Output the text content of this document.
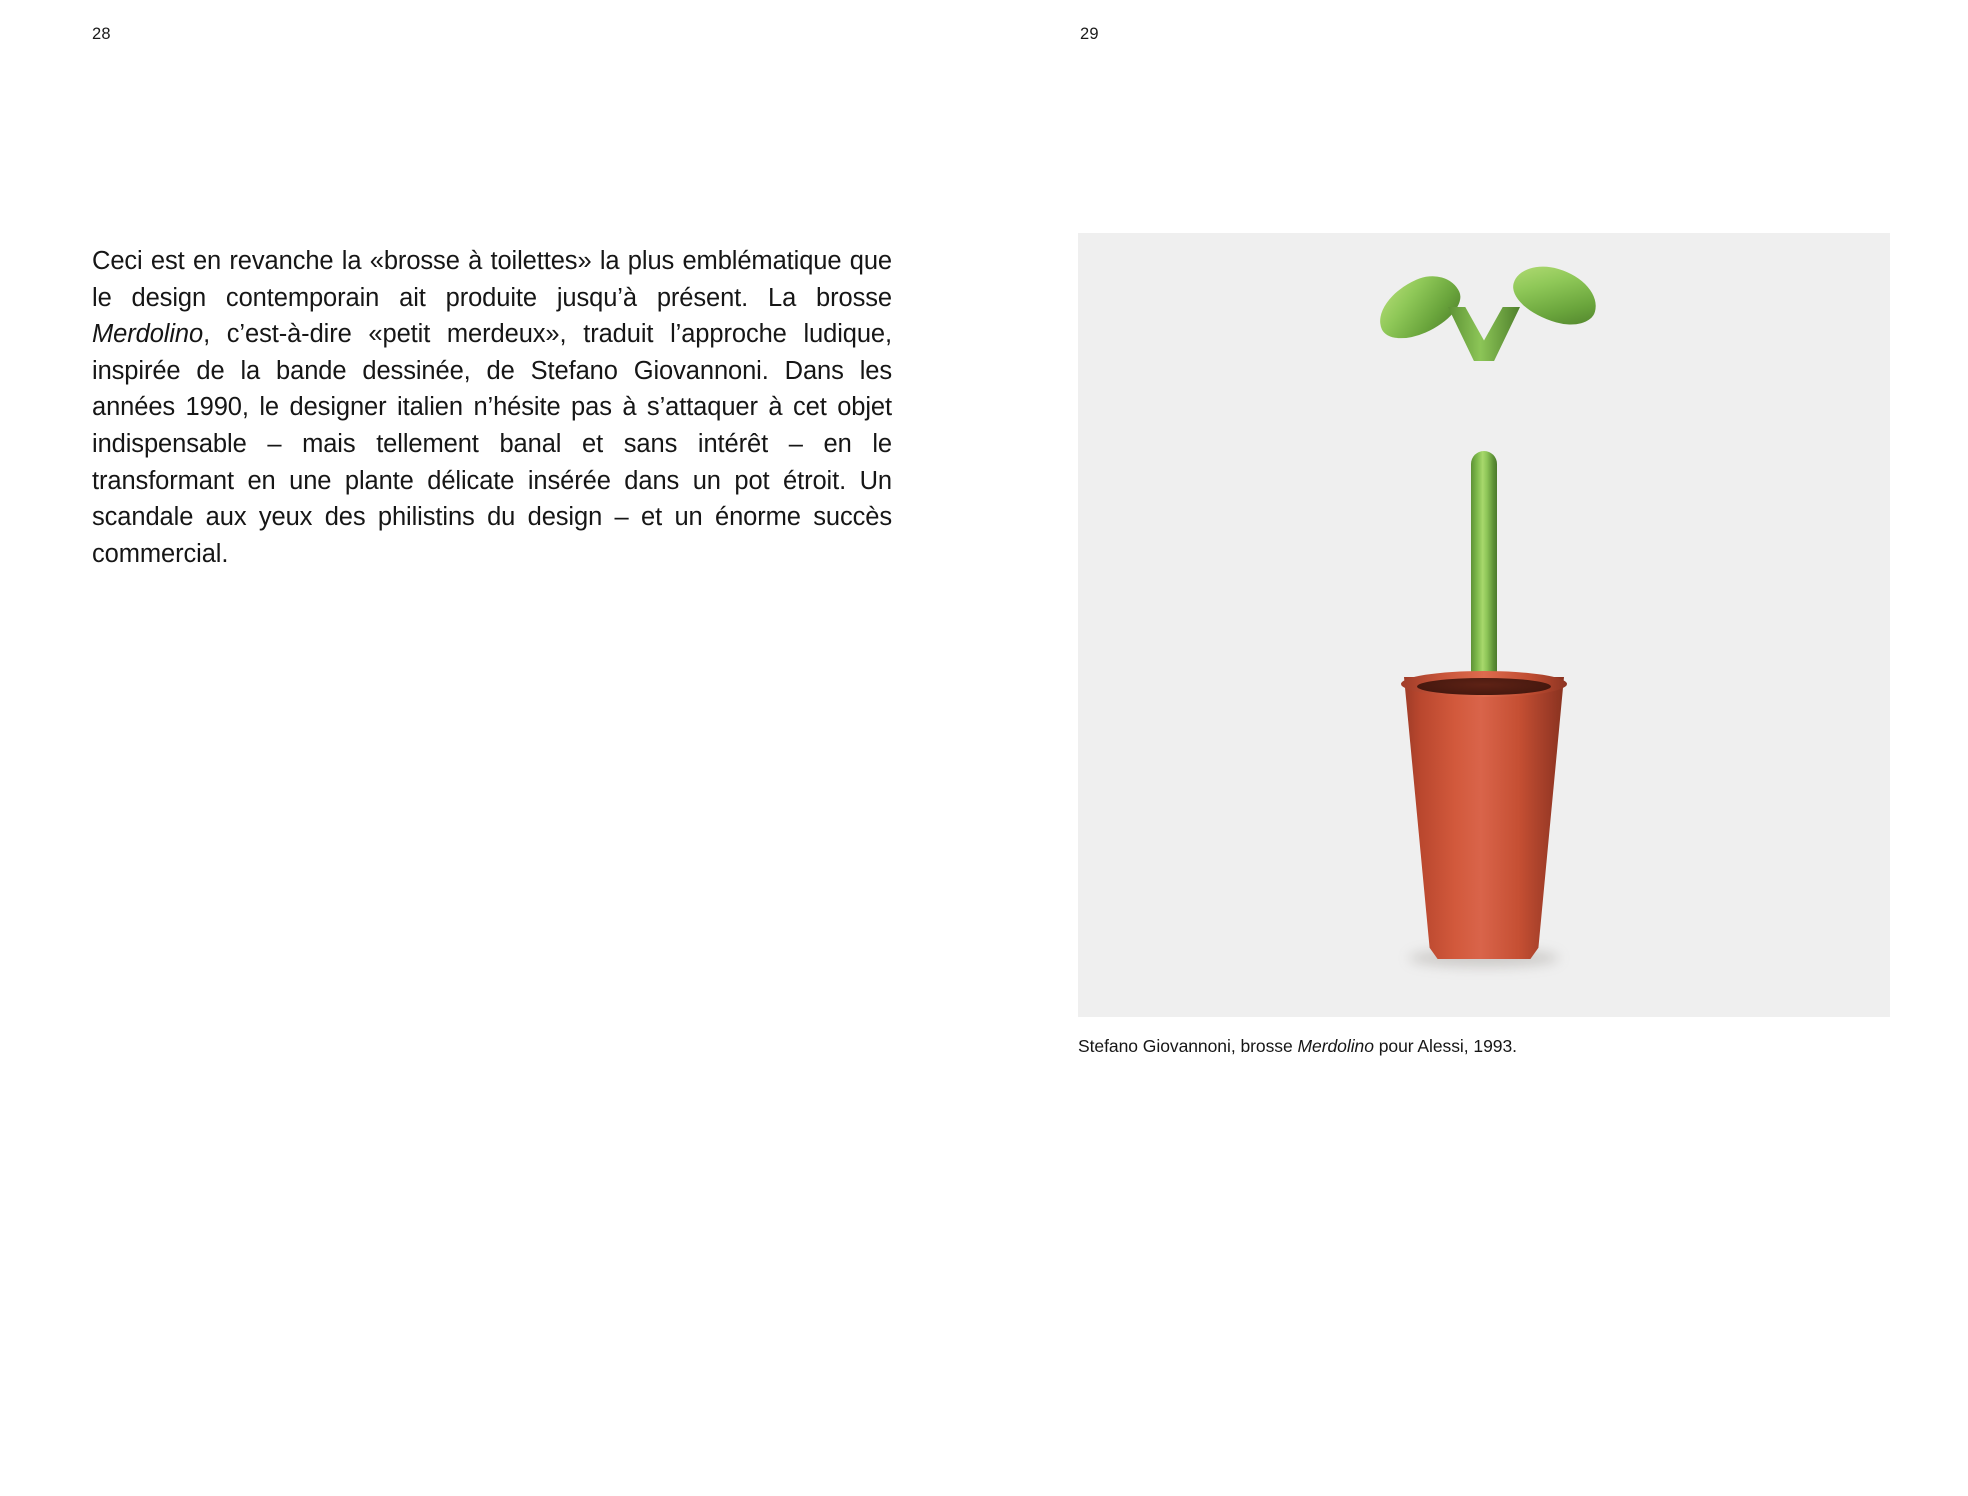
28

Ceci est en revanche la «brosse à toilettes» la plus emblématique que le design contemporain ait produite jusqu’à présent. La brosse Merdolino, c’est-à-dire «petit merdeux», traduit l’approche ludique, inspirée de la bande dessinée, de Stefano Giovannoni. Dans les années 1990, le designer italien n’hésite pas à s’attaquer à cet objet indispensable – mais tellement banal et sans intérêt – en le transformant en une plante délicate insérée dans un pot étroit. Un scandale aux yeux des philistins du design – et un énorme succès commercial.

29
Stefano Giovannoni, brosse Merdolino pour Alessi, 1993.
